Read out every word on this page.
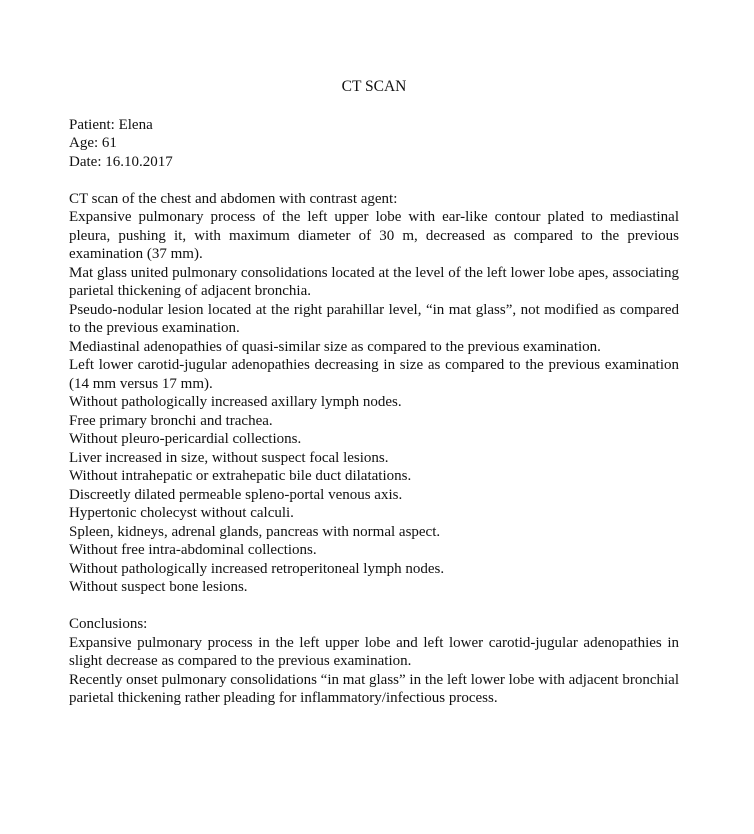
CT SCAN

Patient: Elena

Age: 61

Date: 16.10.2017

CT scan of the chest and abdomen with contrast agent:

Expansive pulmonary process of the left upper lobe with ear-like contour plated to mediastinal pleura, pushing it, with maximum diameter of 30 m, decreased as compared to the previous examination (37 mm).

Mat glass united pulmonary consolidations located at the level of the left lower lobe apes, associating parietal thickening of adjacent bronchia.

Pseudo-nodular lesion located at the right parahillar level, “in mat glass”, not modified as compared to the previous examination.

Mediastinal adenopathies of quasi-similar size as compared to the previous examination.

Left lower carotid-jugular adenopathies decreasing in size as compared to the previous examination (14 mm versus 17 mm).

Without pathologically increased axillary lymph nodes.

Free primary bronchi and trachea.

Without pleuro-pericardial collections.

Liver increased in size, without suspect focal lesions.

Without intrahepatic or extrahepatic bile duct dilatations.

Discreetly dilated permeable spleno-portal venous axis.

Hypertonic cholecyst without calculi.

Spleen, kidneys, adrenal glands, pancreas with normal aspect.

Without free intra-abdominal collections.

Without pathologically increased retroperitoneal lymph nodes.

Without suspect bone lesions.

Conclusions:

Expansive pulmonary process in the left upper lobe and left lower carotid-jugular adenopathies in slight decrease as compared to the previous examination.

Recently onset pulmonary consolidations “in mat glass” in the left lower lobe with adjacent bronchial parietal thickening rather pleading for inflammatory/infectious process.
